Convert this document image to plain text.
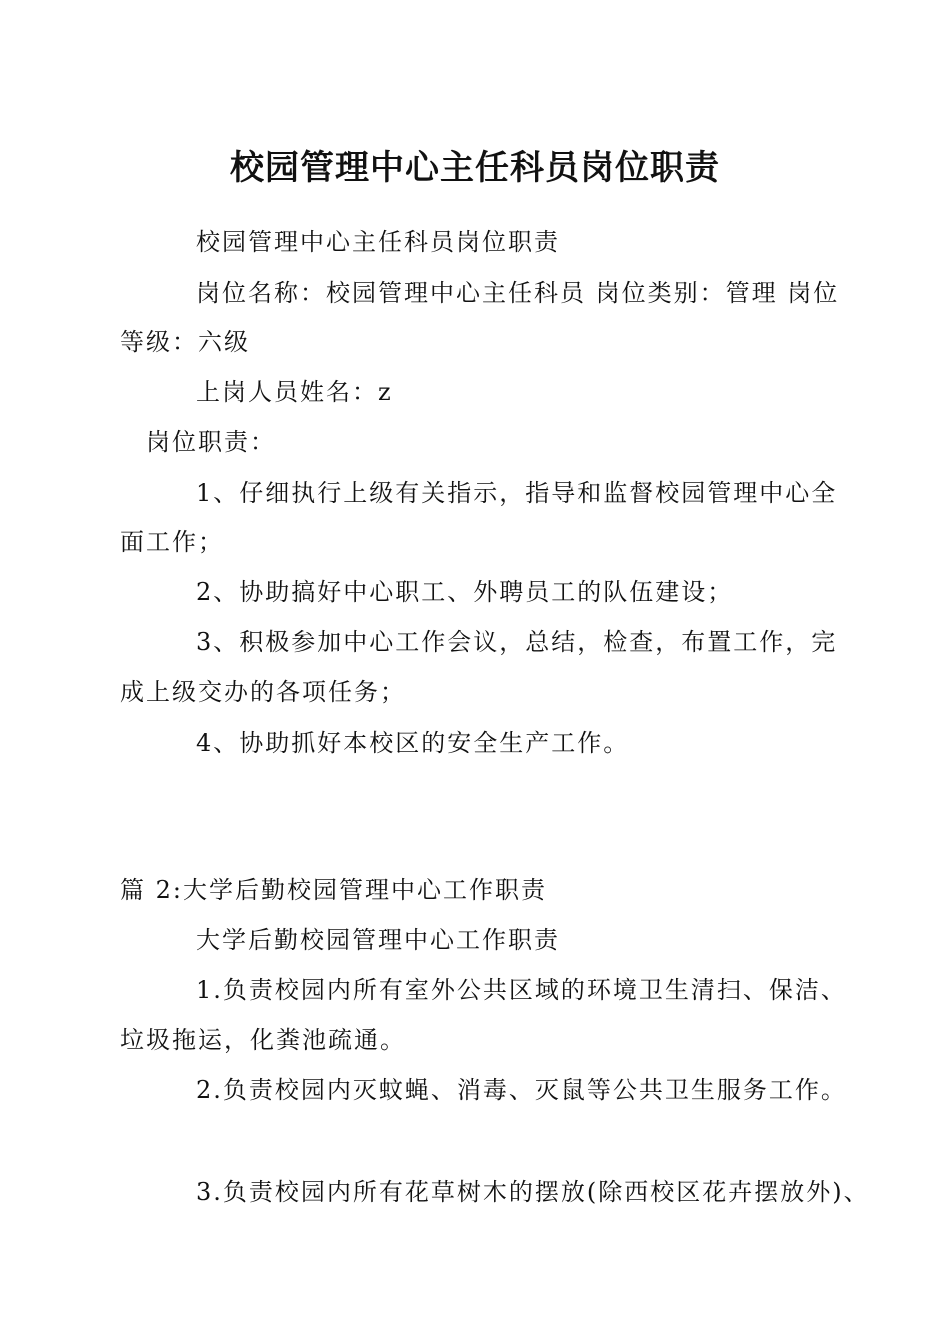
校园管理中心主任科员岗位职责
校园管理中心主任科员岗位职责
岗位名称：校园管理中心主任科员 岗位类别：管理 岗位
等级：六级
上岗人员姓名：z
岗位职责：
1、仔细执行上级有关指示，指导和监督校园管理中心全
面工作；
2、协助搞好中心职工、外聘员工的队伍建设；
3、积极参加中心工作会议，总结，检查，布置工作，完
成上级交办的各项任务；
4、协助抓好本校区的安全生产工作。
篇 2:大学后勤校园管理中心工作职责
大学后勤校园管理中心工作职责
1.负责校园内所有室外公共区域的环境卫生清扫、保洁、
垃圾拖运，化粪池疏通。
2.负责校园内灭蚊蝇、消毒、灭鼠等公共卫生服务工作。
3.负责校园内所有花草树木的摆放(除西校区花卉摆放外)、
